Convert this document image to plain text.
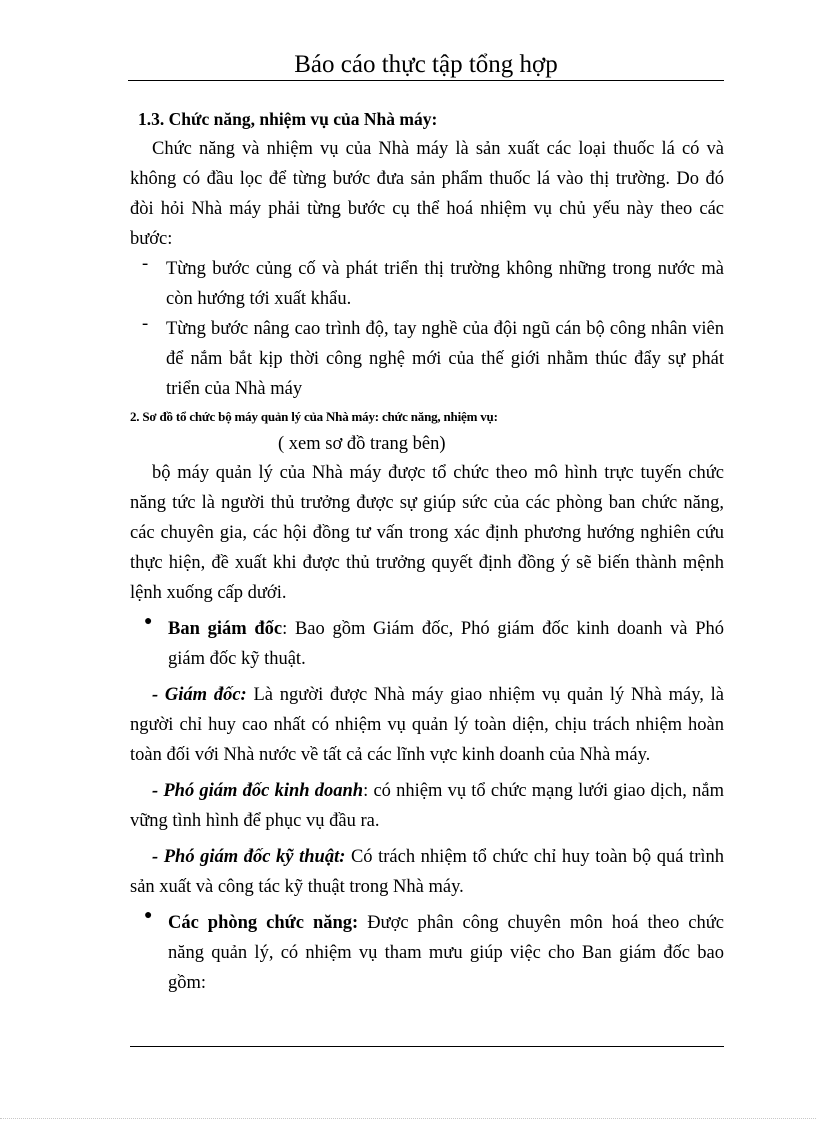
Báo cáo thực tập tổng hợp
1.3. Chức năng, nhiệm vụ của Nhà máy:
Chức năng và nhiệm vụ của Nhà máy là sản xuất các loại thuốc lá có và
không có đầu lọc để từng bước đưa sản phẩm thuốc lá vào thị trường. Do đó
đòi hỏi Nhà máy phải từng bước cụ thể hoá nhiệm vụ chủ yếu này theo các
bước:
- Từng bước củng cố và phát triển thị trường không những trong nước mà
còn hướng tới xuất khẩu.
- Từng bước nâng cao trình độ, tay nghề của đội ngũ cán bộ công nhân viên
để nắm bắt kịp thời công nghệ mới của thế giới nhằm thúc đẩy sự phát
triển của Nhà máy
2. Sơ đồ tổ chức bộ máy quản lý của Nhà máy: chức năng, nhiệm vụ:
( xem sơ đồ trang bên)
bộ máy quản lý của Nhà máy được tổ chức theo mô hình trực tuyến chức
năng tức là người thủ trưởng được sự giúp sức của các phòng ban chức năng,
các chuyên gia, các hội đồng tư vấn trong xác định phương hướng nghiên cứu
thực hiện, đề xuất khi được thủ trưởng quyết định đồng ý sẽ biến thành mệnh
lệnh xuống cấp dưới.
● Ban giám đốc: Bao gồm Giám đốc, Phó giám đốc kinh doanh và Phó
giám đốc kỹ thuật.
- Giám đốc: Là người được Nhà máy giao nhiệm vụ quản lý Nhà máy, là
người chỉ huy cao nhất có nhiệm vụ quản lý toàn diện, chịu trách nhiệm hoàn
toàn đối với Nhà nước về tất cả các lĩnh vực kinh doanh của Nhà máy.
- Phó giám đốc kinh doanh: có nhiệm vụ tổ chức mạng lưới giao dịch, nắm
vững tình hình để phục vụ đầu ra.
- Phó giám đốc kỹ thuật: Có trách nhiệm tổ chức chỉ huy toàn bộ quá trình
sản xuất và công tác kỹ thuật trong Nhà máy.
● Các phòng chức năng: Được phân công chuyên môn hoá theo chức
năng quản lý, có nhiệm vụ tham mưu giúp việc cho Ban giám đốc bao
gồm:
